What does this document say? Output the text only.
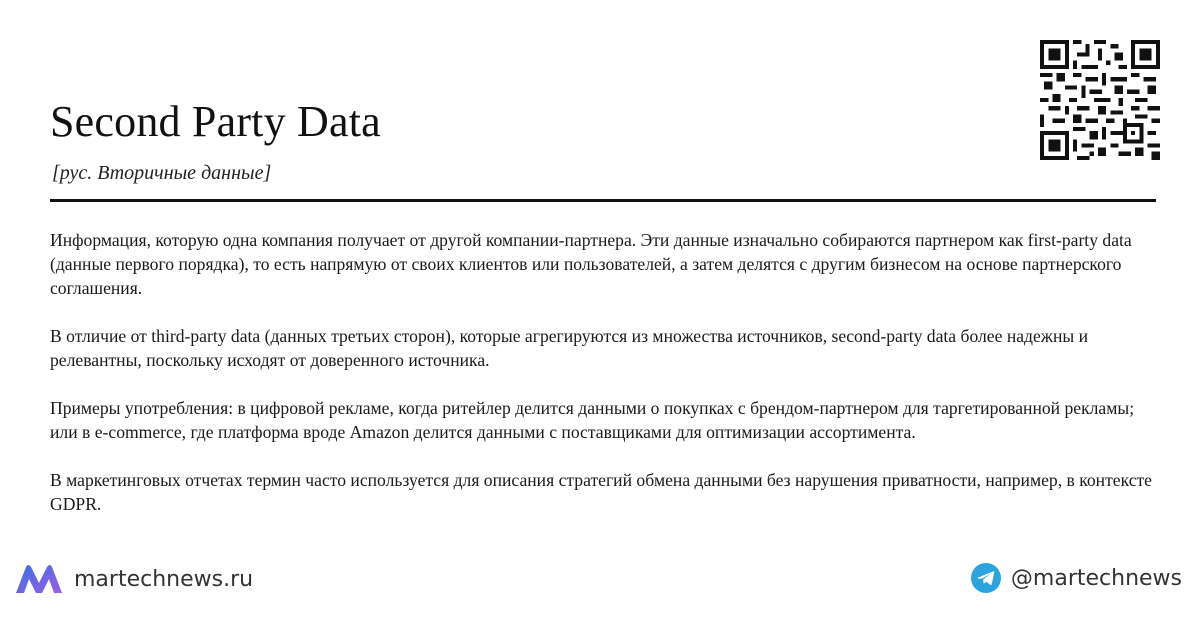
Second Party Data
[рус. Вторичные данные]

Информация, которую одна компания получает от другой компании-партнера. Эти данные изначально собираются партнером как first-party data (данные первого порядка), то есть напрямую от своих клиентов или пользователей, а затем делятся с другим бизнесом на основе партнерского соглашения.

В отличие от third-party data (данных третьих сторон), которые агрегируются из множества источников, second-party data более надежны и релевантны, поскольку исходят от доверенного источника.

Примеры употребления: в цифровой рекламе, когда ритейлер делится данными о покупках с брендом-партнером для таргетированной рекламы; или в e-commerce, где платформа вроде Amazon делится данными с поставщиками для оптимизации ассортимента.

В маркетинговых отчетах термин часто используется для описания стратегий обмена данными без нарушения приватности, например, в контексте GDPR.

martechnews.ru	@martechnews
